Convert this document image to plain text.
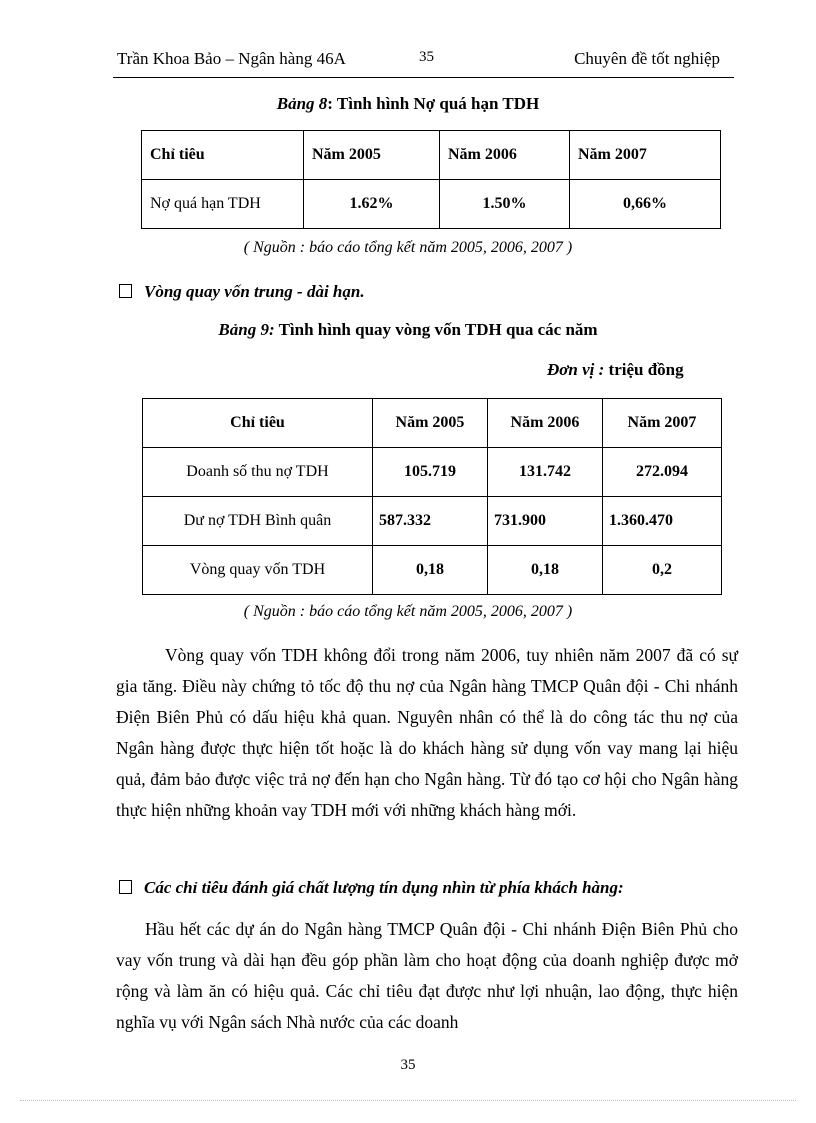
Trần Khoa Bảo – Ngân hàng 46A	35	Chuyên đề tốt nghiệp
Bảng 8: Tình hình Nợ quá hạn TDH
Chỉ tiêu	Năm 2005	Năm 2006	Năm 2007
Nợ quá hạn TDH	1.62%	1.50%	0,66%
( Nguồn : báo cáo tổng kết năm 2005, 2006, 2007 )
Vòng quay vốn trung - dài hạn.
Bảng 9: Tình hình quay vòng vốn TDH qua các năm
Đơn vị : triệu đồng
Chỉ tiêu	Năm 2005	Năm 2006	Năm 2007
Doanh số thu nợ TDH	105.719	131.742	272.094
Dư nợ TDH Bình quân	587.332	731.900	1.360.470
Vòng quay vốn TDH	0,18	0,18	0,2
( Nguồn : báo cáo tổng kết năm 2005, 2006, 2007 )

Vòng quay vốn TDH không đổi trong năm 2006, tuy nhiên năm 2007 đã có sự gia tăng. Điều này chứng tỏ tốc độ thu nợ của Ngân hàng TMCP Quân đội - Chi nhánh Điện Biên Phủ có dấu hiệu khả quan. Nguyên nhân có thể là do công tác thu nợ của Ngân hàng được thực hiện tốt hoặc là do khách hàng sử dụng vốn vay mang lại hiệu quả, đảm bảo được việc trả nợ đến hạn cho Ngân hàng. Từ đó tạo cơ hội cho Ngân hàng thực hiện những khoản vay TDH mới với những khách hàng mới.

Các chỉ tiêu đánh giá chất lượng tín dụng nhìn từ phía khách hàng:

Hầu hết các dự án do Ngân hàng TMCP Quân đội - Chi nhánh Điện Biên Phủ cho vay vốn trung và dài hạn đều góp phần làm cho hoạt động của doanh nghiệp được mở rộng và làm ăn có hiệu quả. Các chỉ tiêu đạt được như lợi nhuận, lao động, thực hiện nghĩa vụ với Ngân sách Nhà nước của các doanh

35
